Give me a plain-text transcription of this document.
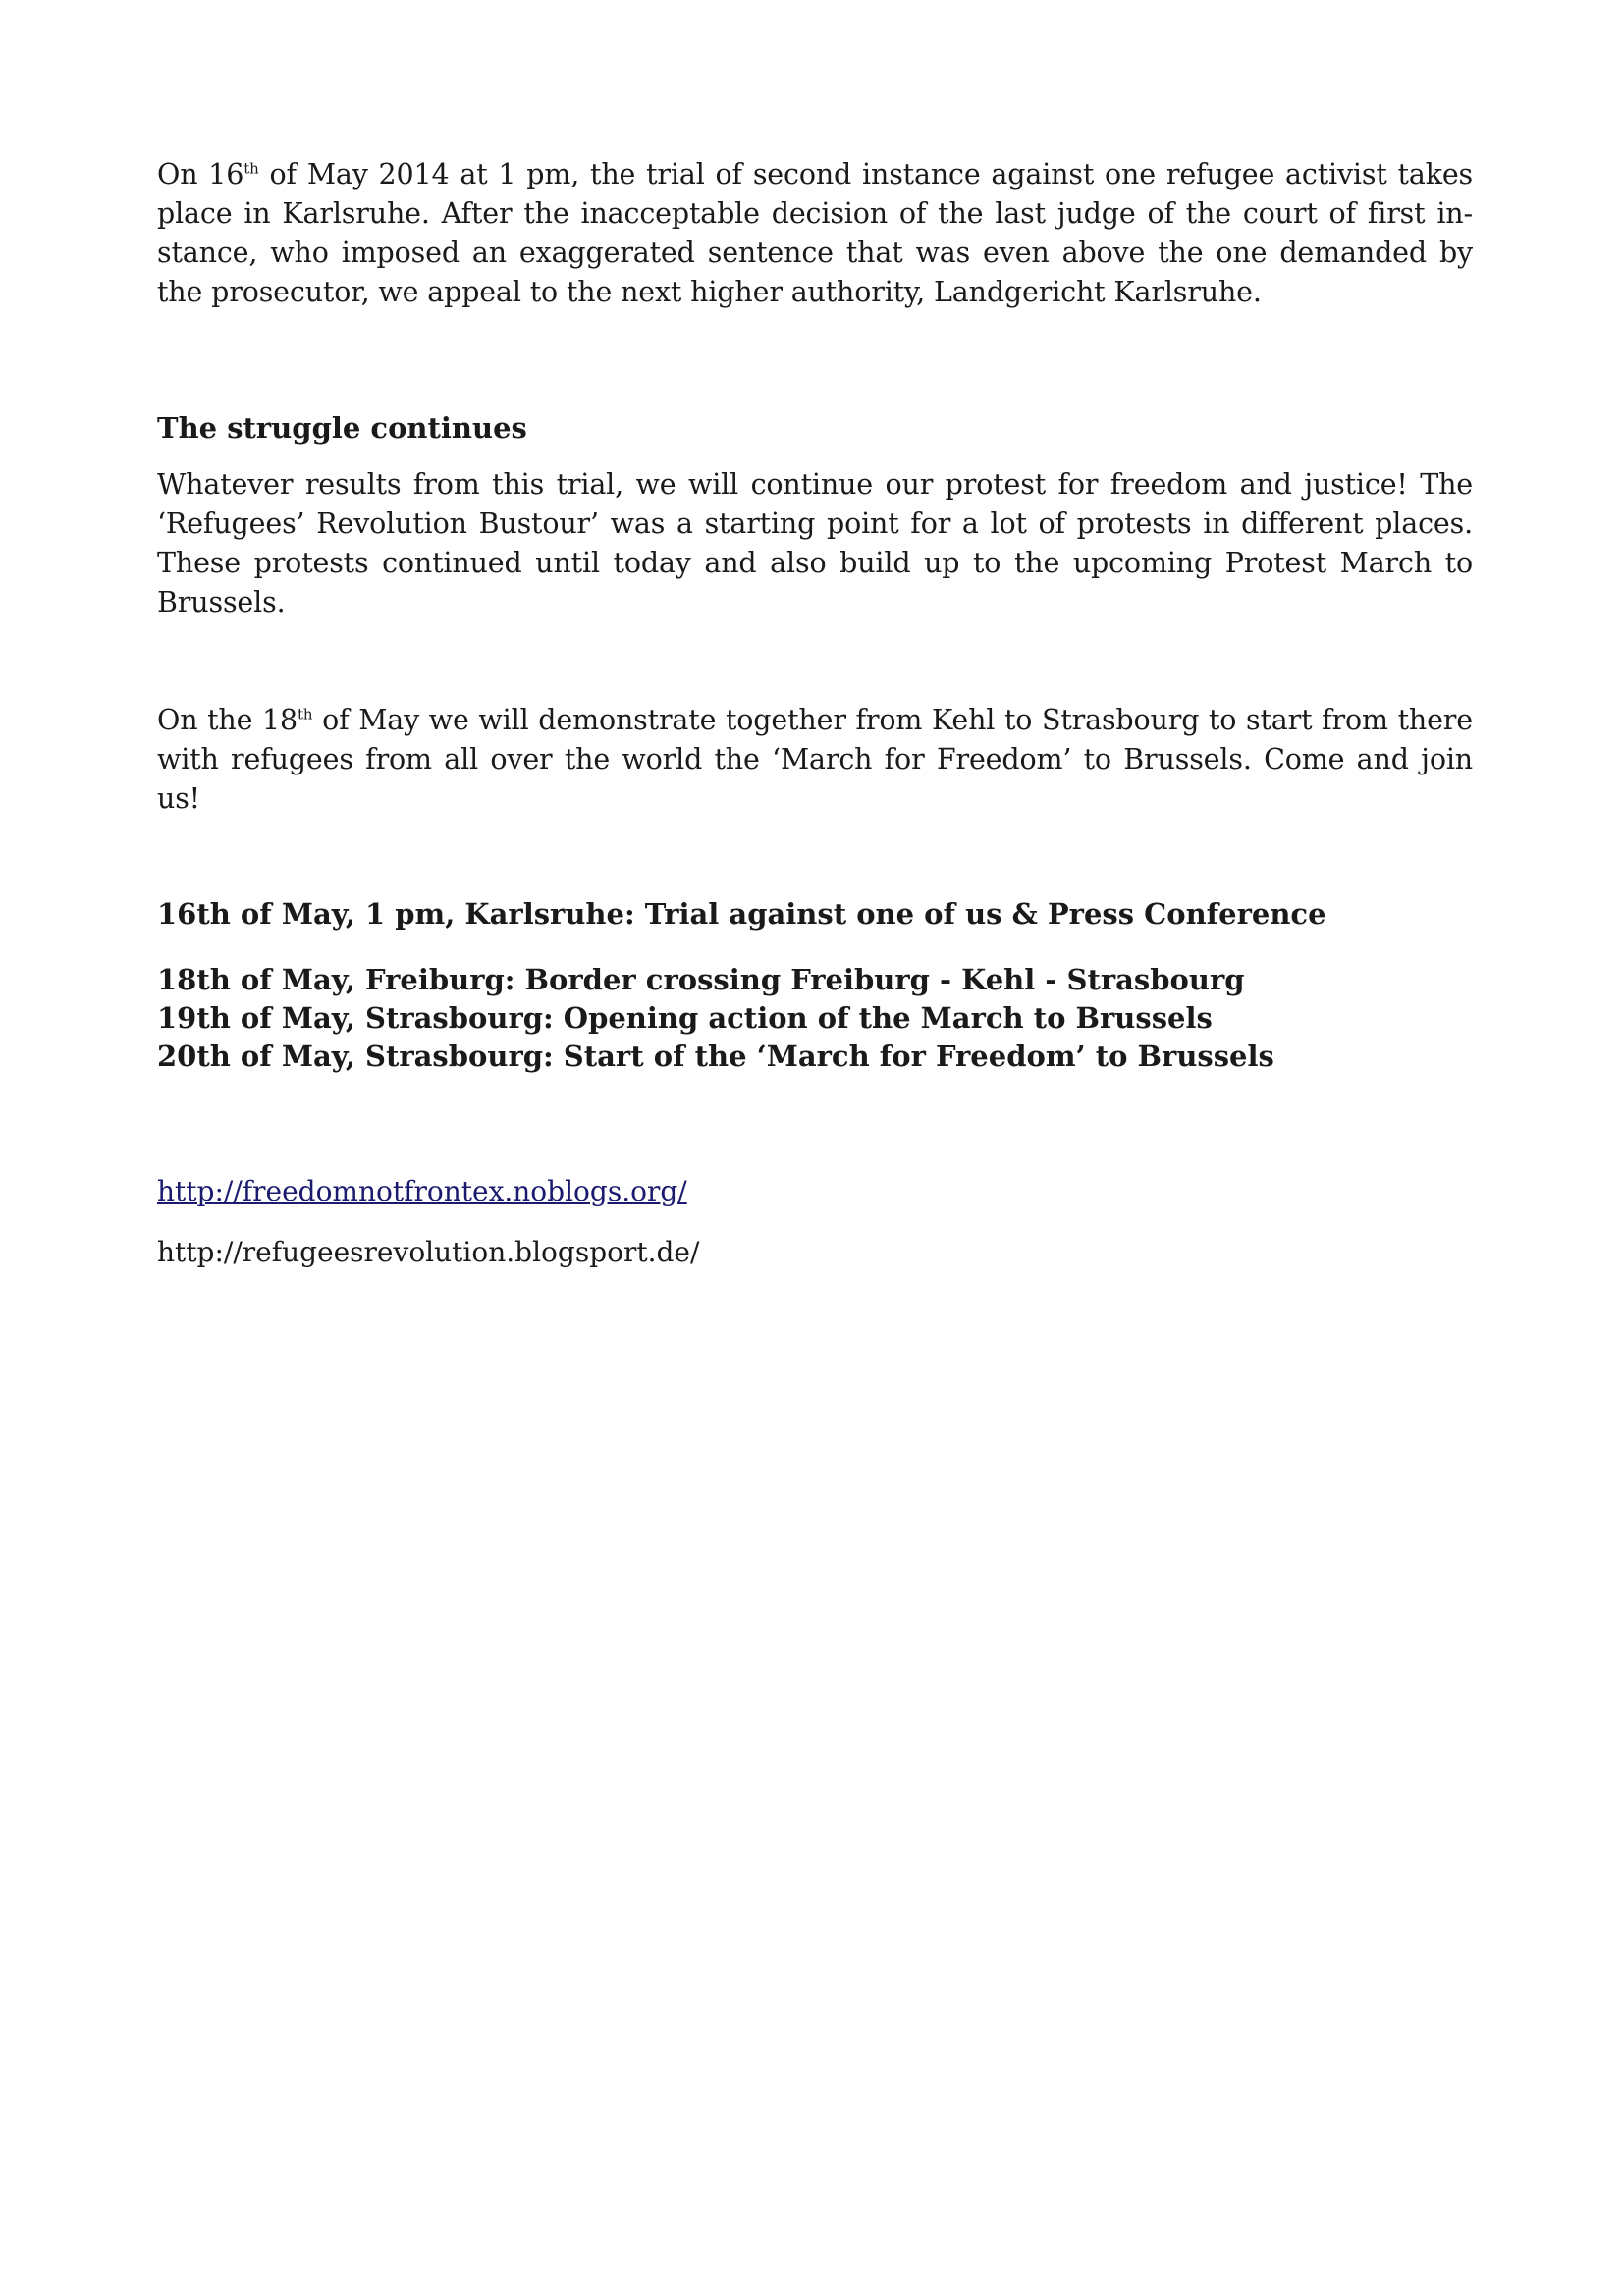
On 16th of May 2014 at 1 pm, the trial of second instance against one refugee activist takes place in Karlsruhe. After the inacceptable decision of the last judge of the court of first in-stance, who imposed an exaggerated sentence that was even above the one demanded by the prosecutor, we appeal to the next higher authority, Landgericht Karlsruhe.

The struggle continues

Whatever results from this trial, we will continue our protest for freedom and justice! The ‘Refugees’ Revolution Bustour’ was a starting point for a lot of protests in different places. These protests continued until today and also build up to the upcoming Protest March to Brussels.

On the 18th of May we will demonstrate together from Kehl to Strasbourg to start from there with refugees from all over the world the ‘March for Freedom’ to Brussels. Come and join us!

16th of May, 1 pm, Karlsruhe: Trial against one of us & Press Conference

18th of May, Freiburg: Border crossing Freiburg - Kehl - Strasbourg

19th of May, Strasbourg: Opening action of the March to Brussels

20th of May, Strasbourg: Start of the ‘March for Freedom’ to Brussels

http://freedomnotfrontex.noblogs.org/

http://refugeesrevolution.blogsport.de/
